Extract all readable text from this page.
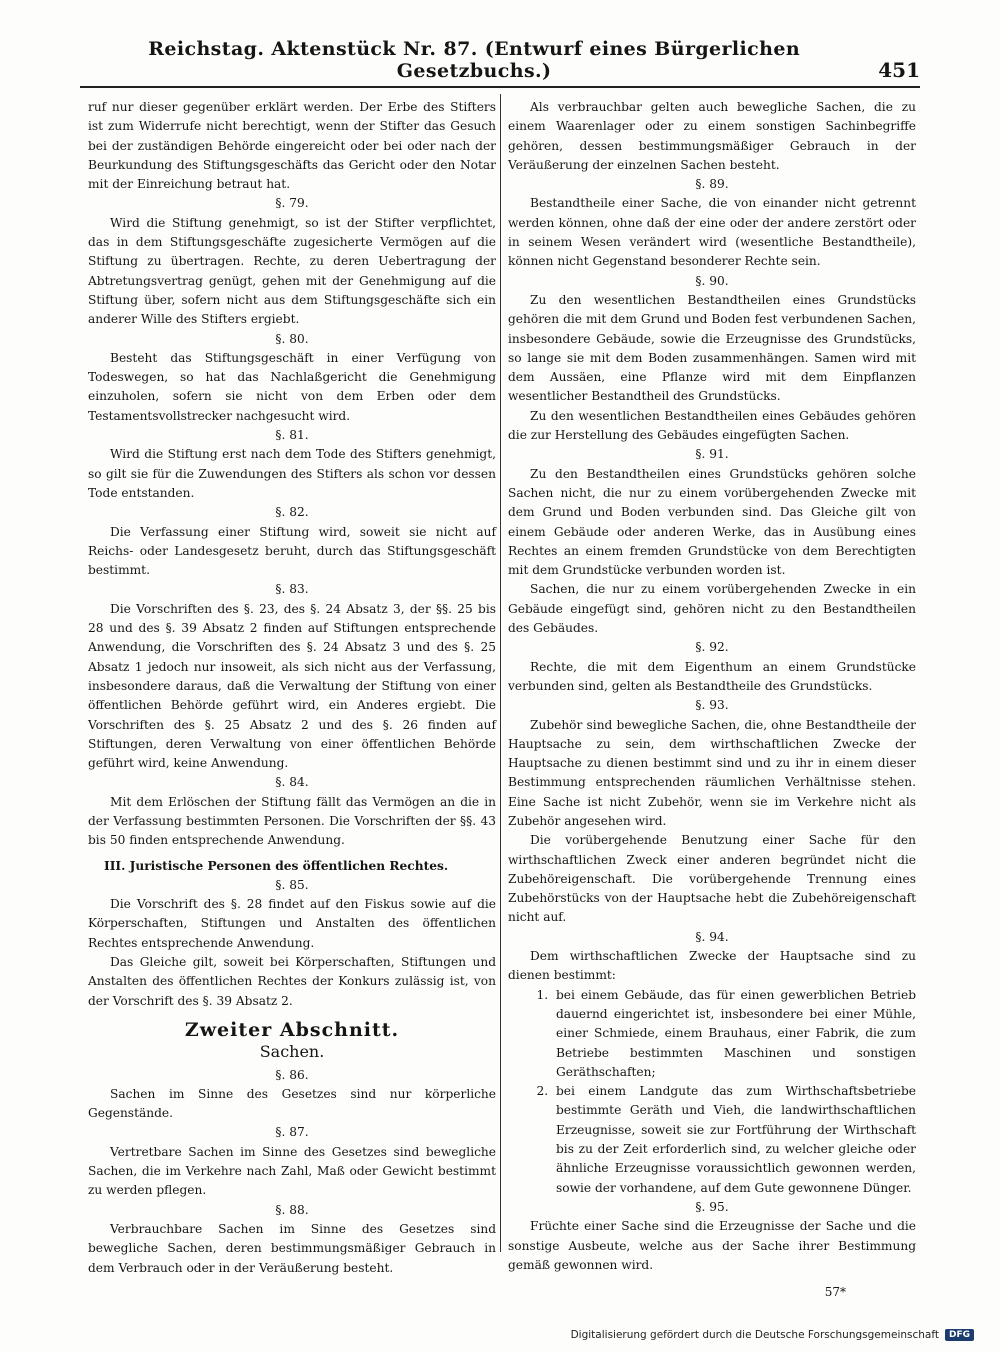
Reichstag. Aktenstück Nr. 87. (Entwurf eines Bürgerlichen Gesetzbuchs.)	451

ruf nur dieser gegenüber erklärt werden. Der Erbe des Stifters ist zum Widerrufe nicht berechtigt, wenn der Stifter das Gesuch bei der zuständigen Behörde eingereicht oder bei oder nach der Beurkundung des Stiftungsgeschäfts das Gericht oder den Notar mit der Einreichung betraut hat.

§. 79.

Wird die Stiftung genehmigt, so ist der Stifter verpflichtet, das in dem Stiftungsgeschäfte zugesicherte Vermögen auf die Stiftung zu übertragen. Rechte, zu deren Uebertragung der Abtretungsvertrag genügt, gehen mit der Genehmigung auf die Stiftung über, sofern nicht aus dem Stiftungsgeschäfte sich ein anderer Wille des Stifters ergiebt.

§. 80.

Besteht das Stiftungsgeschäft in einer Verfügung von Todeswegen, so hat das Nachlaßgericht die Genehmigung einzuholen, sofern sie nicht von dem Erben oder dem Testamentsvollstrecker nachgesucht wird.

§. 81.

Wird die Stiftung erst nach dem Tode des Stifters genehmigt, so gilt sie für die Zuwendungen des Stifters als schon vor dessen Tode entstanden.

§. 82.

Die Verfassung einer Stiftung wird, soweit sie nicht auf Reichs- oder Landesgesetz beruht, durch das Stiftungsgeschäft bestimmt.

§. 83.

Die Vorschriften des §. 23, des §. 24 Absatz 3, der §§. 25 bis 28 und des §. 39 Absatz 2 finden auf Stiftungen entsprechende Anwendung, die Vorschriften des §. 24 Absatz 3 und des §. 25 Absatz 1 jedoch nur insoweit, als sich nicht aus der Verfassung, insbesondere daraus, daß die Verwaltung der Stiftung von einer öffentlichen Behörde geführt wird, ein Anderes ergiebt. Die Vorschriften des §. 25 Absatz 2 und des §. 26 finden auf Stiftungen, deren Verwaltung von einer öffentlichen Behörde geführt wird, keine Anwendung.

§. 84.

Mit dem Erlöschen der Stiftung fällt das Vermögen an die in der Verfassung bestimmten Personen. Die Vorschriften der §§. 43 bis 50 finden entsprechende Anwendung.

III. Juristische Personen des öffentlichen Rechtes.
§. 85.

Die Vorschrift des §. 28 findet auf den Fiskus sowie auf die Körperschaften, Stiftungen und Anstalten des öffentlichen Rechtes entsprechende Anwendung.

Das Gleiche gilt, soweit bei Körperschaften, Stiftungen und Anstalten des öffentlichen Rechtes der Konkurs zulässig ist, von der Vorschrift des §. 39 Absatz 2.

Zweiter Abschnitt.
Sachen.
§. 86.

Sachen im Sinne des Gesetzes sind nur körperliche Gegenstände.

§. 87.

Vertretbare Sachen im Sinne des Gesetzes sind bewegliche Sachen, die im Verkehre nach Zahl, Maß oder Gewicht bestimmt zu werden pflegen.

§. 88.

Verbrauchbare Sachen im Sinne des Gesetzes sind bewegliche Sachen, deren bestimmungsmäßiger Gebrauch in dem Verbrauch oder in der Veräußerung besteht.

Als verbrauchbar gelten auch bewegliche Sachen, die zu einem Waarenlager oder zu einem sonstigen Sachinbegriffe gehören, dessen bestimmungsmäßiger Gebrauch in der Veräußerung der einzelnen Sachen besteht.

§. 89.

Bestandtheile einer Sache, die von einander nicht getrennt werden können, ohne daß der eine oder der andere zerstört oder in seinem Wesen verändert wird (wesentliche Bestandtheile), können nicht Gegenstand besonderer Rechte sein.

§. 90.

Zu den wesentlichen Bestandtheilen eines Grundstücks gehören die mit dem Grund und Boden fest verbundenen Sachen, insbesondere Gebäude, sowie die Erzeugnisse des Grundstücks, so lange sie mit dem Boden zusammenhängen. Samen wird mit dem Aussäen, eine Pflanze wird mit dem Einpflanzen wesentlicher Bestandtheil des Grundstücks.

Zu den wesentlichen Bestandtheilen eines Gebäudes gehören die zur Herstellung des Gebäudes eingefügten Sachen.

§. 91.

Zu den Bestandtheilen eines Grundstücks gehören solche Sachen nicht, die nur zu einem vorübergehenden Zwecke mit dem Grund und Boden verbunden sind. Das Gleiche gilt von einem Gebäude oder anderen Werke, das in Ausübung eines Rechtes an einem fremden Grundstücke von dem Berechtigten mit dem Grundstücke verbunden worden ist.

Sachen, die nur zu einem vorübergehenden Zwecke in ein Gebäude eingefügt sind, gehören nicht zu den Bestandtheilen des Gebäudes.

§. 92.

Rechte, die mit dem Eigenthum an einem Grundstücke verbunden sind, gelten als Bestandtheile des Grundstücks.

§. 93.

Zubehör sind bewegliche Sachen, die, ohne Bestandtheile der Hauptsache zu sein, dem wirthschaftlichen Zwecke der Hauptsache zu dienen bestimmt sind und zu ihr in einem dieser Bestimmung entsprechenden räumlichen Verhältnisse stehen. Eine Sache ist nicht Zubehör, wenn sie im Verkehre nicht als Zubehör angesehen wird.

Die vorübergehende Benutzung einer Sache für den wirthschaftlichen Zweck einer anderen begründet nicht die Zubehöreigenschaft. Die vorübergehende Trennung eines Zubehörstücks von der Hauptsache hebt die Zubehöreigenschaft nicht auf.

§. 94.

Dem wirthschaftlichen Zwecke der Hauptsache sind zu dienen bestimmt:

1. bei einem Gebäude, das für einen gewerblichen Betrieb dauernd eingerichtet ist, insbesondere bei einer Mühle, einer Schmiede, einem Brauhaus, einer Fabrik, die zum Betriebe bestimmten Maschinen und sonstigen Geräthschaften;
2. bei einem Landgute das zum Wirthschaftsbetriebe bestimmte Geräth und Vieh, die landwirthschaftlichen Erzeugnisse, soweit sie zur Fortführung der Wirthschaft bis zu der Zeit erforderlich sind, zu welcher gleiche oder ähnliche Erzeugnisse voraussichtlich gewonnen werden, sowie der vorhandene, auf dem Gute gewonnene Dünger.
§. 95.

Früchte einer Sache sind die Erzeugnisse der Sache und die sonstige Ausbeute, welche aus der Sache ihrer Bestimmung gemäß gewonnen wird.

57*
Digitalisierung gefördert durch die Deutsche Forschungsgemeinschaft	DFG
